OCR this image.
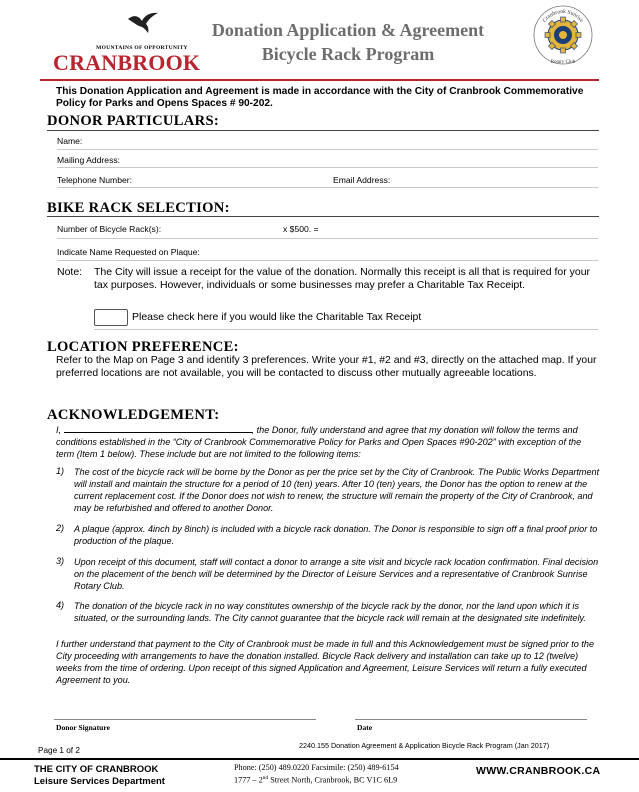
MOUNTAINS OF OPPORTUNITY
CRANBROOK
Donation Application & Agreement
Bicycle Rack Program
Cranbrook Sunrise
Rotary Club
This Donation Application and Agreement is made in accordance with the City of Cranbrook Commemorative Policy for Parks and Opens Spaces # 90-202.
DONOR PARTICULARS:
Name:
Mailing Address:
Telephone Number:	Email Address:
BIKE RACK SELECTION:
Number of Bicycle Rack(s):	x $500. =
Indicate Name Requested on Plaque:
Note: The City will issue a receipt for the value of the donation. Normally this receipt is all that is required for your tax purposes. However, individuals or some businesses may prefer a Charitable Tax Receipt.
Please check here if you would like the Charitable Tax Receipt
LOCATION PREFERENCE:
Refer to the Map on Page 3 and identify 3 preferences. Write your #1, #2 and #3, directly on the attached map. If your preferred locations are not available, you will be contacted to discuss other mutually agreeable locations.
ACKNOWLEDGEMENT:
I,	, the Donor, fully understand and agree that my donation will follow the terms and conditions established in the “City of Cranbrook Commemorative Policy for Parks and Open Spaces #90-202” with exception of the term (Item 1 below). These include but are not limited to the following items:
1) The cost of the bicycle rack will be borne by the Donor as per the price set by the City of Cranbrook. The Public Works Department will install and maintain the structure for a period of 10 (ten) years. After 10 (ten) years, the Donor has the option to renew at the current replacement cost. If the Donor does not wish to renew, the structure will remain the property of the City of Cranbrook, and may be refurbished and offered to another Donor.
2) A plaque (approx. 4inch by 8inch) is included with a bicycle rack donation. The Donor is responsible to sign off a final proof prior to production of the plaque.
3) Upon receipt of this document, staff will contact a donor to arrange a site visit and bicycle rack location confirmation. Final decision on the placement of the bench will be determined by the Director of Leisure Services and a representative of Cranbrook Sunrise Rotary Club.
4) The donation of the bicycle rack in no way constitutes ownership of the bicycle rack by the donor, nor the land upon which it is situated, or the surrounding lands. The City cannot guarantee that the bicycle rack will remain at the designated site indefinitely.
I further understand that payment to the City of Cranbrook must be made in full and this Acknowledgement must be signed prior to the City proceeding with arrangements to have the donation installed. Bicycle Rack delivery and installation can take up to 12 (twelve) weeks from the time of ordering. Upon receipt of this signed Application and Agreement, Leisure Services will return a fully executed Agreement to you.
Donor Signature	Date
Page 1 of 2
2240.155 Donation Agreement & Application Bicycle Rack Program (Jan 2017)
THE CITY OF CRANBROOK
Leisure Services Department
Phone: (250) 489.0220 Facsimile: (250) 489-6154
1777 – 2nd Street North, Cranbrook, BC V1C 6L9
WWW.CRANBROOK.CA
